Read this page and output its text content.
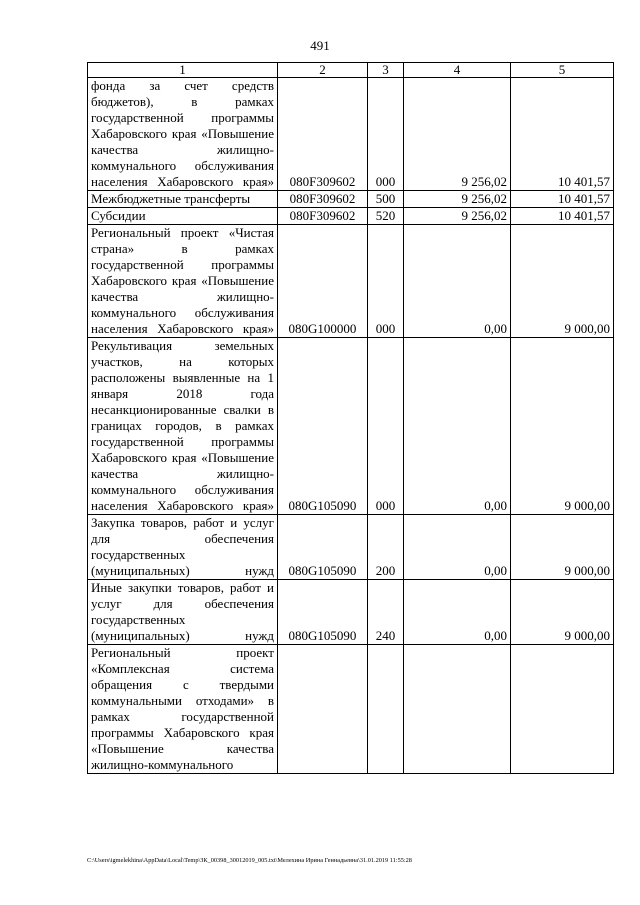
491
1	2	3	4	5
фонда за счет средств бюджетов), в рамках государственной программы Хабаровского края «Повышение качества жилищно-коммунального обслуживания населения Хабаровского края»	080F309602	000	9 256,02	10 401,57
Межбюджетные трансферты	080F309602	500	9 256,02	10 401,57
Субсидии	080F309602	520	9 256,02	10 401,57
Региональный проект «Чистая страна» в рамках государственной программы Хабаровского края «Повышение качества жилищно-коммунального обслуживания населения Хабаровского края»	080G100000	000	0,00	9 000,00
Рекультивация земельных участков, на которых расположены выявленные на 1 января 2018 года несанкционированные свалки в границах городов, в рамках государственной программы Хабаровского края «Повышение качества жилищно-коммунального обслуживания населения Хабаровского края»	080G105090	000	0,00	9 000,00
Закупка товаров, работ и услуг для обеспечения государственных (муниципальных) нужд	080G105090	200	0,00	9 000,00
Иные закупки товаров, работ и услуг для обеспечения государственных (муниципальных) нужд	080G105090	240	0,00	9 000,00
Региональный проект «Комплексная система обращения с твердыми коммунальными отходами» в рамках государственной программы Хабаровского края «Повышение качества жилищно-коммунального				
C:\Users\igmelekhina\AppData\Local\Temp\ЗК_00398_30012019_005.txt\Мелехина Ирина Геннадьевна\31.01.2019 11:55:28
